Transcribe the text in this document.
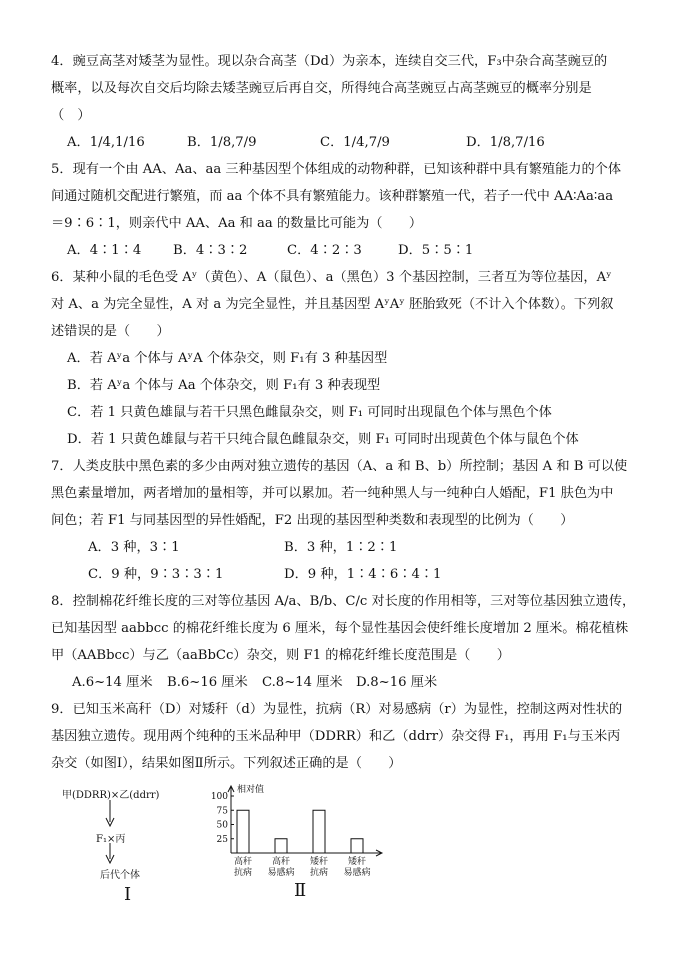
4．豌豆高茎对矮茎为显性。现以杂合高茎（Dd）为亲本，连续自交三代，F₃中杂合高茎豌豆的
概率，以及每次自交后均除去矮茎豌豆后再自交，所得纯合高茎豌豆占高茎豌豆的概率分别是
（　）
A．1/4,1/16	B．1/8,7/9	C．1/4,7/9	D．1/8,7/16
5．现有一个由 AA、Aa、aa 三种基因型个体组成的动物种群，已知该种群中具有繁殖能力的个体
间通过随机交配进行繁殖，而 aa 个体不具有繁殖能力。该种群繁殖一代，若子一代中 AA∶Aa∶aa
＝9∶6∶1，则亲代中 AA、Aa 和 aa 的数量比可能为（　　）
A．4∶1∶4 B．4∶3∶2	C．4∶2∶3	D．5∶5∶1
6．某种小鼠的毛色受 Aʸ（黄色）、A（鼠色）、a（黑色）3 个基因控制，三者互为等位基因，Aʸ
对 A、a 为完全显性，A 对 a 为完全显性，并且基因型 AʸAʸ 胚胎致死（不计入个体数）。下列叙
述错误的是（　　）
A．若 Aʸa 个体与 AʸA 个体杂交，则 F₁有 3 种基因型
B．若 Aʸa 个体与 Aa 个体杂交，则 F₁有 3 种表现型
C．若 1 只黄色雄鼠与若干只黑色雌鼠杂交，则 F₁ 可同时出现鼠色个体与黑色个体
D．若 1 只黄色雄鼠与若干只纯合鼠色雌鼠杂交，则 F₁ 可同时出现黄色个体与鼠色个体
7．人类皮肤中黑色素的多少由两对独立遗传的基因（A、a 和 B、b）所控制；基因 A 和 B 可以使
黑色素量增加，两者增加的量相等，并可以累加。若一纯种黑人与一纯种白人婚配，F1 肤色为中
间色；若 F1 与同基因型的异性婚配，F2 出现的基因型种类数和表现型的比例为（　　）
A．3 种，3∶1	B．3 种，1∶2∶1
C．9 种，9∶3∶3∶1	D．9 种，1∶4∶6∶4∶1
8．控制棉花纤维长度的三对等位基因 A/a、B/b、C/c 对长度的作用相等，三对等位基因独立遗传，
已知基因型 aabbcc 的棉花纤维长度为 6 厘米，每个显性基因会使纤维长度增加 2 厘米。棉花植株
甲（AABbcc）与乙（aaBbCc）杂交，则 F1 的棉花纤维长度范围是（　　）
A.6~14 厘米 B.6~16 厘米 C.8~14 厘米 D.8~16 厘米
9．已知玉米高秆（D）对矮秆（d）为显性，抗病（R）对易感病（r）为显性，控制这两对性状的
基因独立遗传。现用两个纯种的玉米品种甲（DDRR）和乙（ddrr）杂交得 F₁，再用 F₁与玉米丙
杂交（如图Ⅰ），结果如图Ⅱ所示。下列叙述正确的是（　　）
甲(DDRR)×乙(ddrr)
F₁×丙
后代个体
Ⅰ
相对值
100
75
50
25
高秆
抗病
高秆
易感病
矮秆
抗病
矮秆
易感病
Ⅱ
